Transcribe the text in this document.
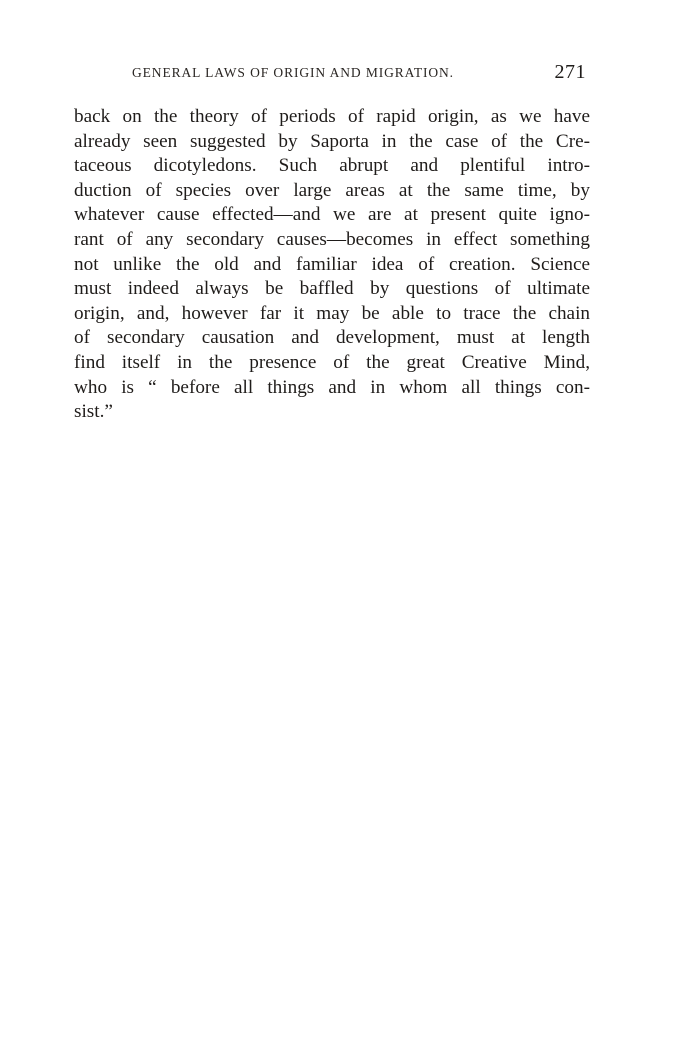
GENERAL LAWS OF ORIGIN AND MIGRATION.	271
back on the theory of periods of rapid origin, as we have
already seen suggested by Saporta in the case of the Cre-
taceous dicotyledons. Such abrupt and plentiful intro-
duction of species over large areas at the same time, by
whatever cause effected—and we are at present quite igno-
rant of any secondary causes—becomes in effect something
not unlike the old and familiar idea of creation. Science
must indeed always be baffled by questions of ultimate
origin, and, however far it may be able to trace the chain
of secondary causation and development, must at length
find itself in the presence of the great Creative Mind,
who is “ before all things and in whom all things con-
sist.”
